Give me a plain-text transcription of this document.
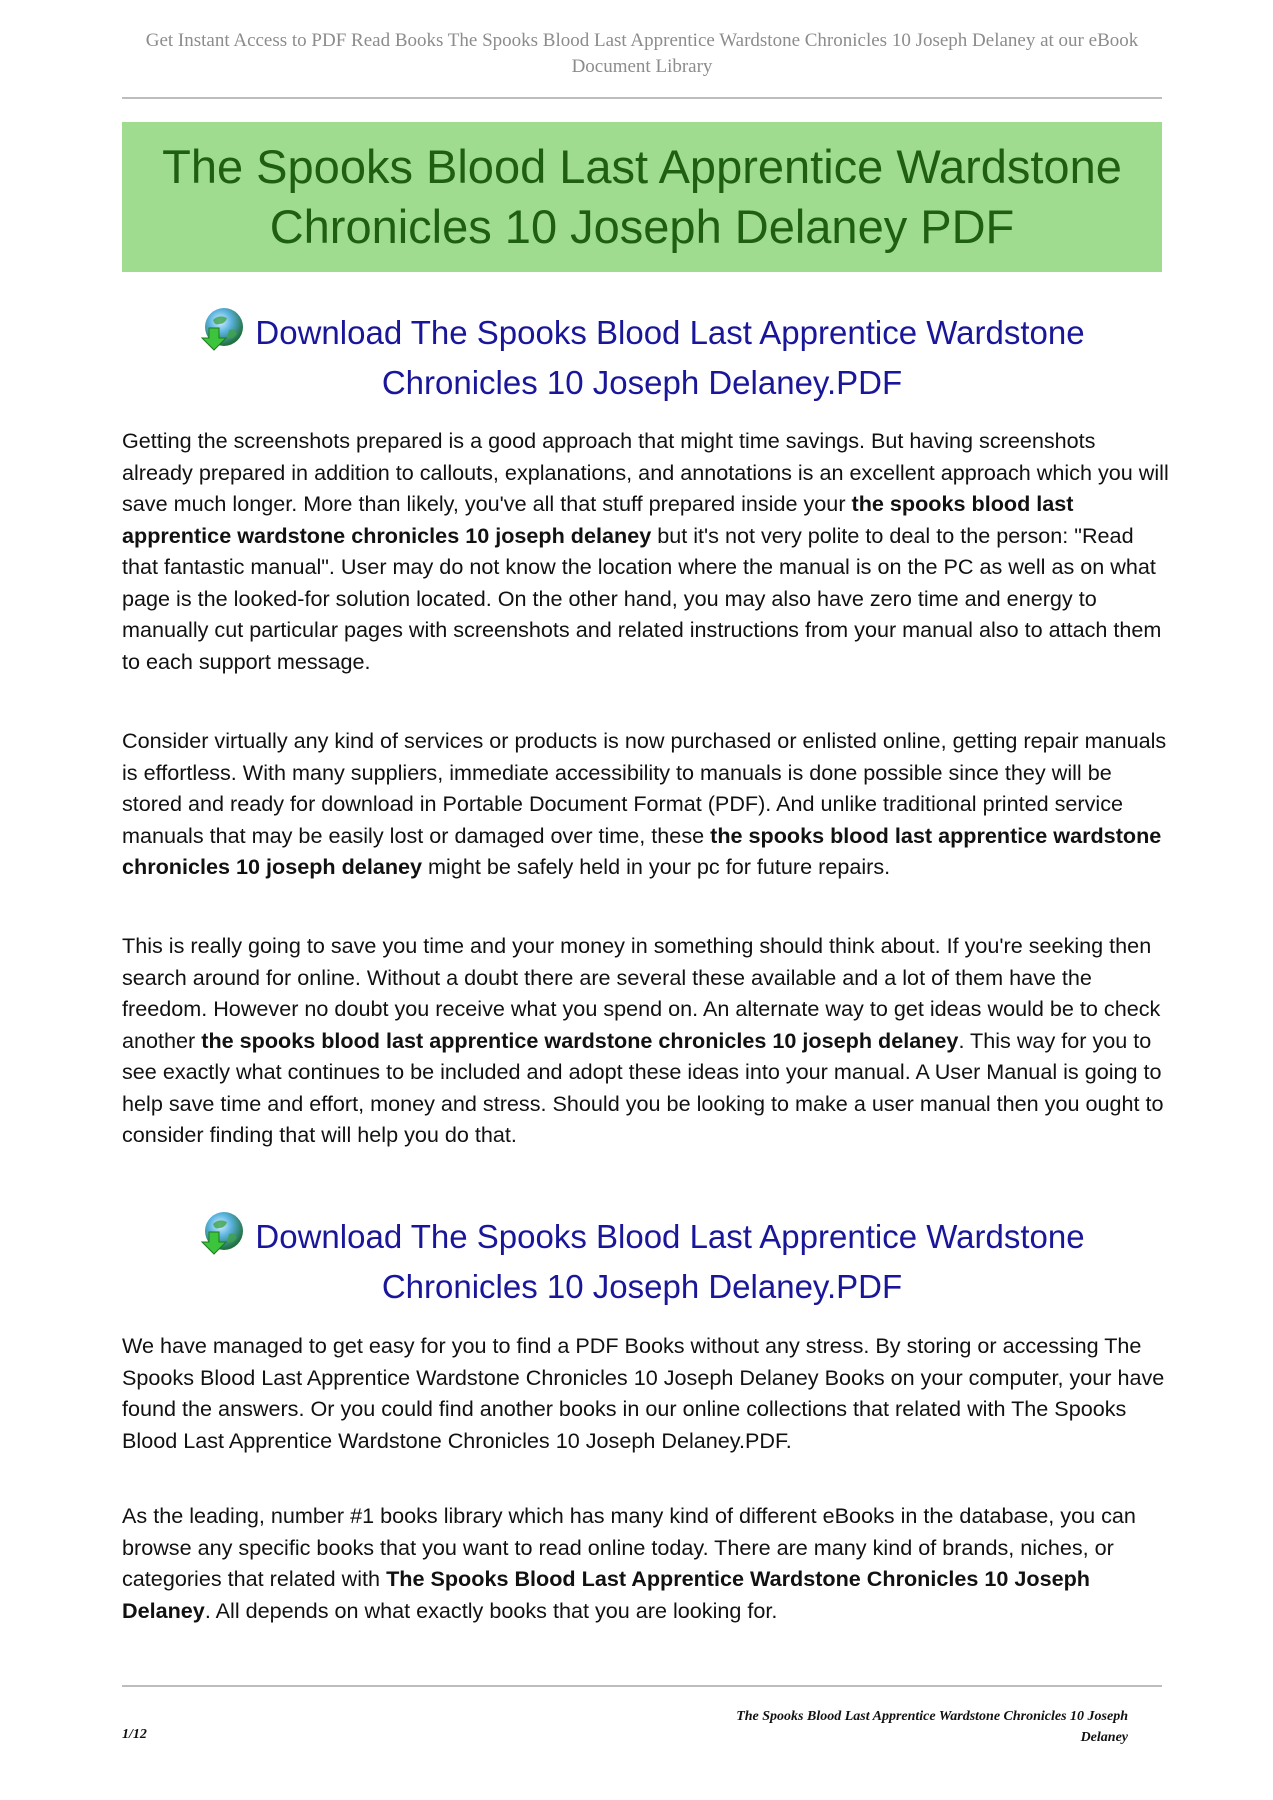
Get Instant Access to PDF Read Books The Spooks Blood Last Apprentice Wardstone Chronicles 10 Joseph Delaney at our eBook Document Library
The Spooks Blood Last Apprentice Wardstone
Chronicles 10 Joseph Delaney PDF
Download The Spooks Blood Last Apprentice Wardstone
Chronicles 10 Joseph Delaney.PDF

Getting the screenshots prepared is a good approach that might time savings. But having screenshots already prepared in addition to callouts, explanations, and annotations is an excellent approach which you will save much longer. More than likely, you've all that stuff prepared inside your the spooks blood last apprentice wardstone chronicles 10 joseph delaney but it's not very polite to deal to the person: "Read that fantastic manual". User may do not know the location where the manual is on the PC as well as on what page is the looked-for solution located. On the other hand, you may also have zero time and energy to manually cut particular pages with screenshots and related instructions from your manual also to attach them to each support message.

Consider virtually any kind of services or products is now purchased or enlisted online, getting repair manuals is effortless. With many suppliers, immediate accessibility to manuals is done possible since they will be stored and ready for download in Portable Document Format (PDF). And unlike traditional printed service manuals that may be easily lost or damaged over time, these the spooks blood last apprentice wardstone chronicles 10 joseph delaney might be safely held in your pc for future repairs.

This is really going to save you time and your money in something should think about. If you're seeking then search around for online. Without a doubt there are several these available and a lot of them have the freedom. However no doubt you receive what you spend on. An alternate way to get ideas would be to check another the spooks blood last apprentice wardstone chronicles 10 joseph delaney. This way for you to see exactly what continues to be included and adopt these ideas into your manual. A User Manual is going to help save time and effort, money and stress. Should you be looking to make a user manual then you ought to consider finding that will help you do that.

Download The Spooks Blood Last Apprentice Wardstone
Chronicles 10 Joseph Delaney.PDF

We have managed to get easy for you to find a PDF Books without any stress. By storing or accessing The Spooks Blood Last Apprentice Wardstone Chronicles 10 Joseph Delaney Books on your computer, your have found the answers. Or you could find another books in our online collections that related with The Spooks Blood Last Apprentice Wardstone Chronicles 10 Joseph Delaney.PDF.

As the leading, number #1 books library which has many kind of different eBooks in the database, you can browse any specific books that you want to read online today. There are many kind of brands, niches, or categories that related with The Spooks Blood Last Apprentice Wardstone Chronicles 10 Joseph Delaney. All depends on what exactly books that you are looking for.

1/12
The Spooks Blood Last Apprentice Wardstone Chronicles 10 Joseph
Delaney
